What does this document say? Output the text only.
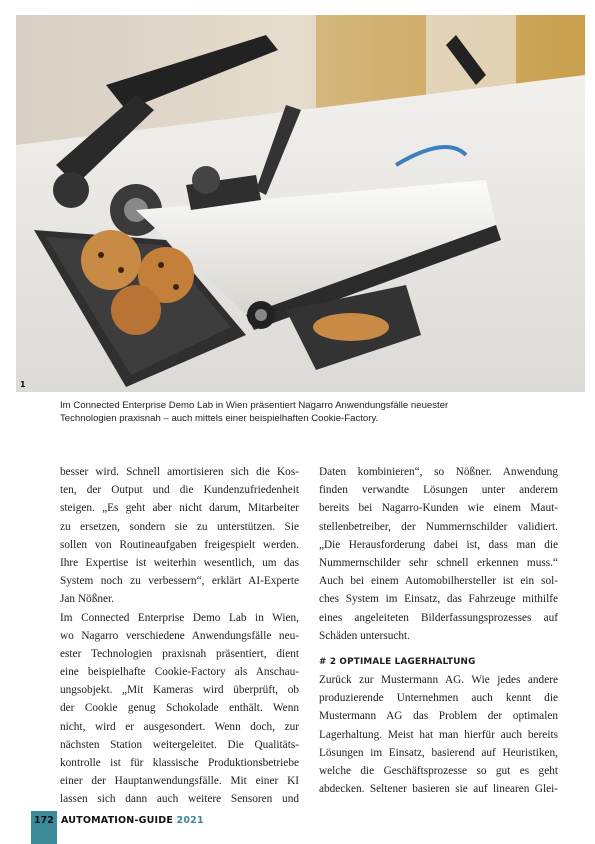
1

Im Connected Enterprise Demo Lab in Wien präsentiert Nagarro Anwendungsfälle neuester

Technologien praxisnah – auch mittels einer beispielhaften Cookie-Factory.

besser wird. Schnell amortisieren sich die Kos-

ten, der Output und die Kundenzufriedenheit

steigen. „Es geht aber nicht darum, Mitarbeiter

zu ersetzen, sondern sie zu unterstützen. Sie

sollen von Routineaufgaben freigespielt werden.

Ihre Expertise ist weiterhin wesentlich, um das

System noch zu verbessern“, erklärt AI-Experte

Jan Nößner.

Im Connected Enterprise Demo Lab in Wien,

wo Nagarro verschiedene Anwendungsfälle neu-

ester Technologien praxisnah präsentiert, dient

eine beispielhafte Cookie-Factory als Anschau-

ungsobjekt. „Mit Kameras wird überprüft, ob

der Cookie genug Schokolade enthält. Wenn

nicht, wird er ausgesondert. Wenn doch, zur

nächsten Station weitergeleitet. Die Qualitäts-

kontrolle ist für klassische Produktionsbetriebe

einer der Hauptanwendungsfälle. Mit einer KI

lassen sich dann auch weitere Sensoren und

Daten kombinieren“, so Nößner. Anwendung

finden verwandte Lösungen unter anderem

bereits bei Nagarro-Kunden wie einem Maut-

stellenbetreiber, der Nummernschilder validiert.

„Die Herausforderung dabei ist, dass man die

Nummernschilder sehr schnell erkennen muss.“

Auch bei einem Automobilhersteller ist ein sol-

ches System im Einsatz, das Fahrzeuge mithilfe

eines angeleiteten Bilderfassungsprozesses auf

Schäden untersucht.

# 2 OPTIMALE LAGERHALTUNG

Zurück zur Mustermann AG. Wie jedes andere

produzierende Unternehmen auch kennt die

Mustermann AG das Problem der optimalen

Lagerhaltung. Meist hat man hierfür auch bereits

Lösungen im Einsatz, basierend auf Heuristiken,

welche die Geschäftsprozesse so gut es geht

abdecken. Seltener basieren sie auf linearen Glei-

172 AUTOMATION-GUIDE 2021
